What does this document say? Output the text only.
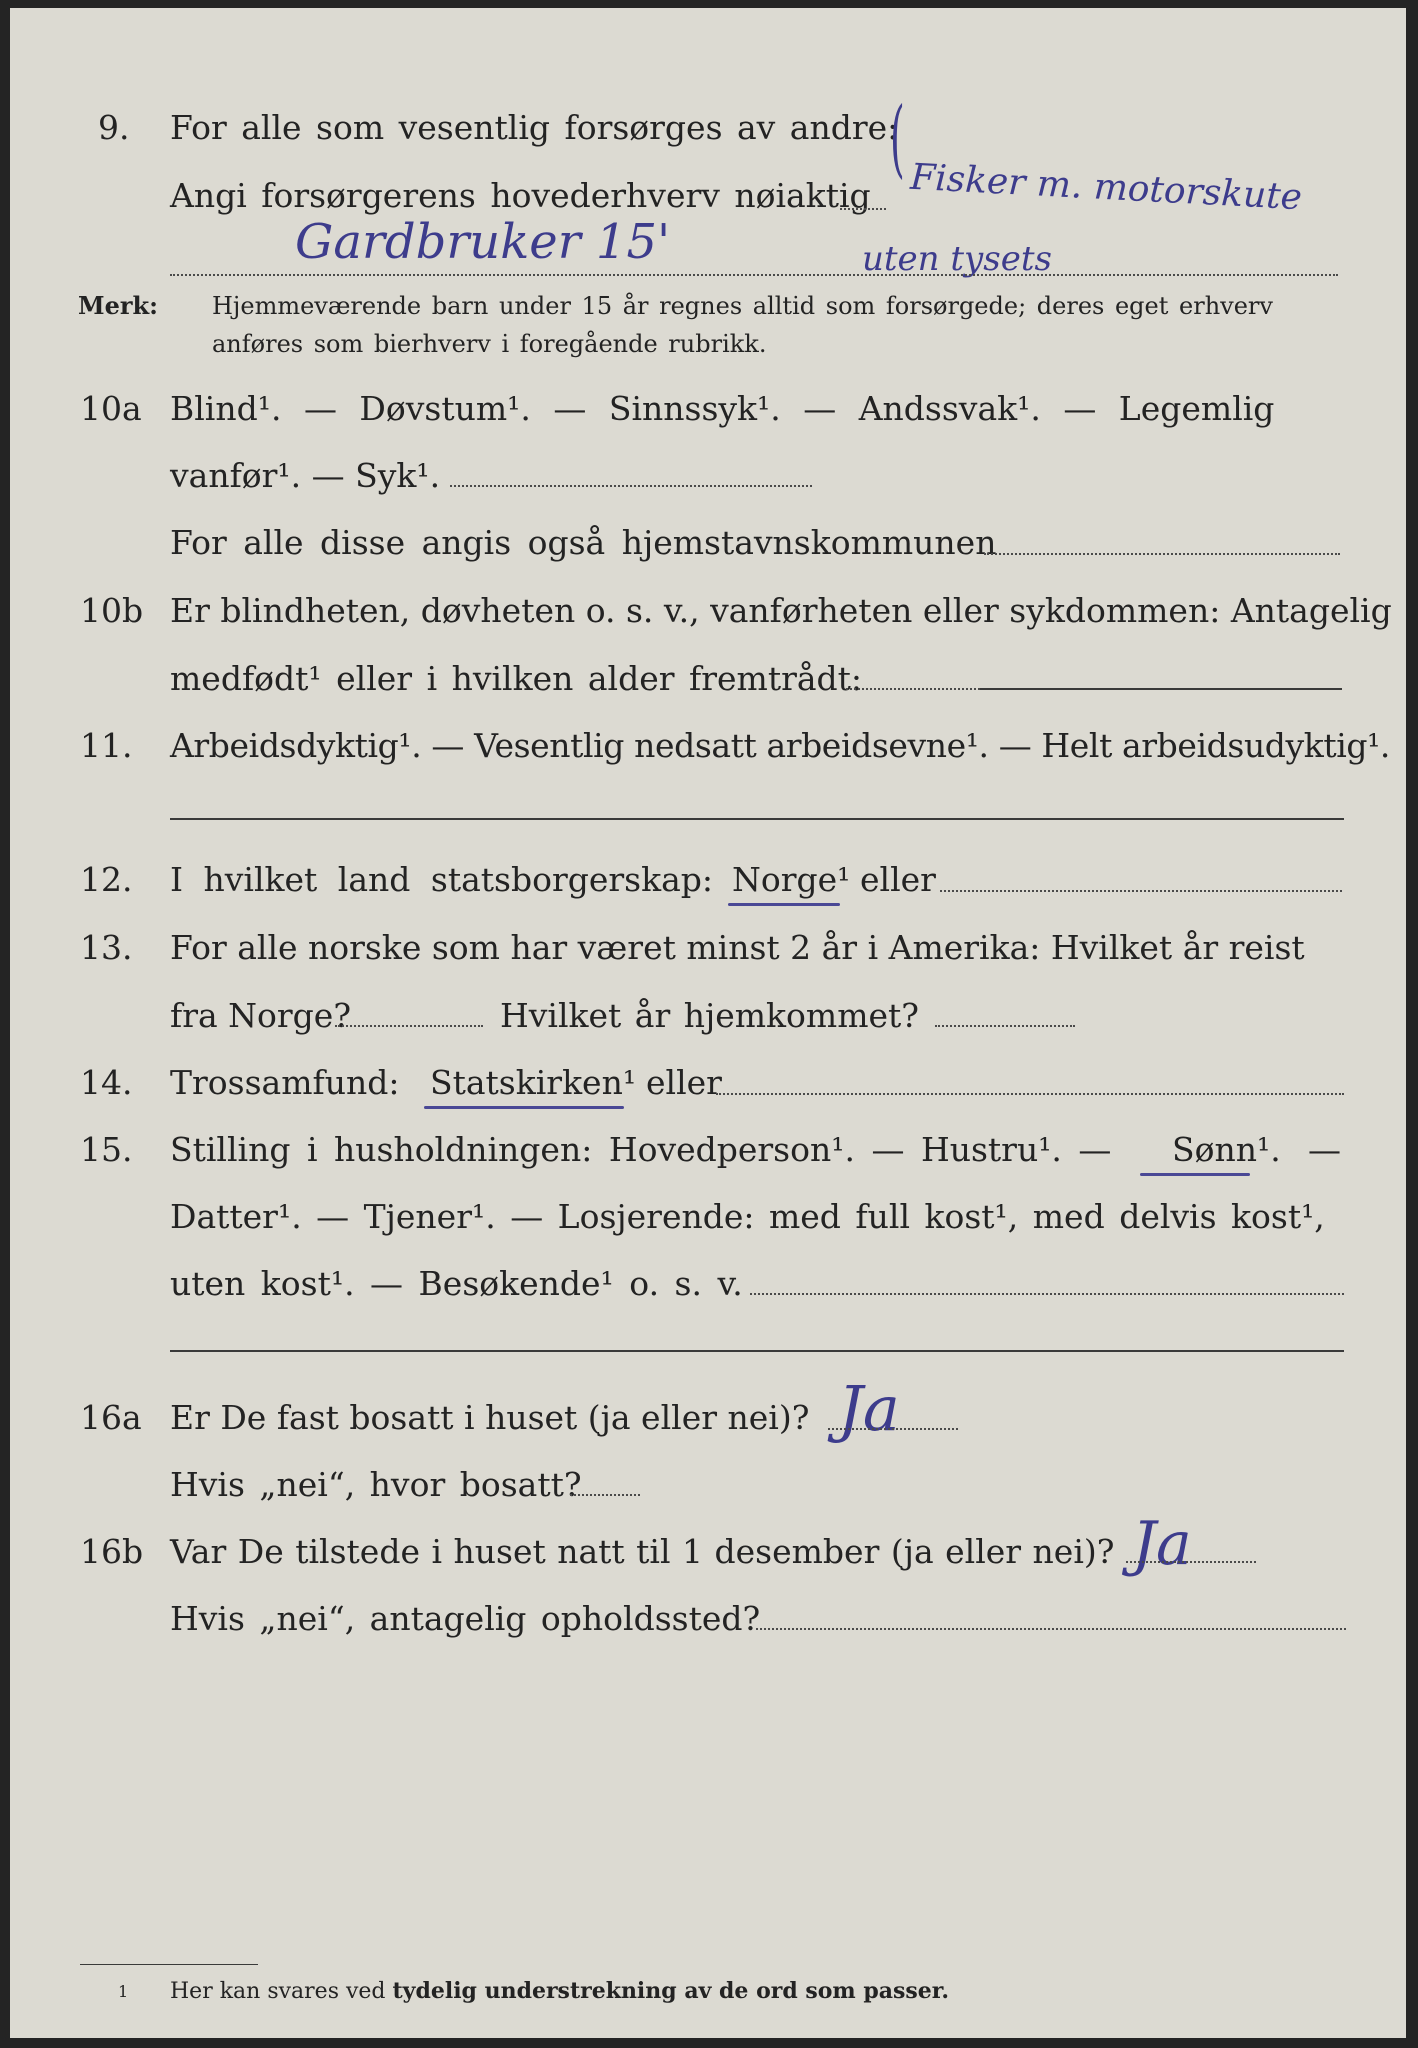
9. For alle som vesentlig forsørges av andre:
Angi forsørgerens hovederhverv nøiaktig
(
Fisker m. motorskute
Gardbruker 15'	uten tysets
Merk: Hjemmeværende barn under 15 år regnes alltid som forsørgede; deres eget erhverv
anføres som bierhverv i foregående rubrikk.
10a Blind¹. — Døvstum¹. — Sinnssyk¹. — Andssvak¹. — Legemlig
vanfør¹. — Syk¹.
For alle disse angis også hjemstavnskommunen
10b Er blindheten, døvheten o. s. v., vanførheten eller sykdommen: Antagelig
medfødt¹ eller i hvilken alder fremtrådt:
11. Arbeidsdyktig¹. — Vesentlig nedsatt arbeidsevne¹. — Helt arbeidsudyktig¹.
12. I hvilket land statsborgerskap: Norge¹ eller
13. For alle norske som har været minst 2 år i Amerika: Hvilket år reist
fra Norge?	Hvilket år hjemkommet?
14. Trossamfund: Statskirken¹ eller
15. Stilling i husholdningen: Hovedperson¹. — Hustru¹. — Sønn¹. —
Datter¹. — Tjener¹. — Losjerende: med full kost¹, med delvis kost¹,
uten kost¹. — Besøkende¹ o. s. v.
16a Er De fast bosatt i huset (ja eller nei)? Ja
Hvis „nei“, hvor bosatt?
16b Var De tilstede i huset natt til 1 desember (ja eller nei)? Ja
Hvis „nei“, antagelig opholdssted?
1 Her kan svares ved tydelig understrekning av de ord som passer.
